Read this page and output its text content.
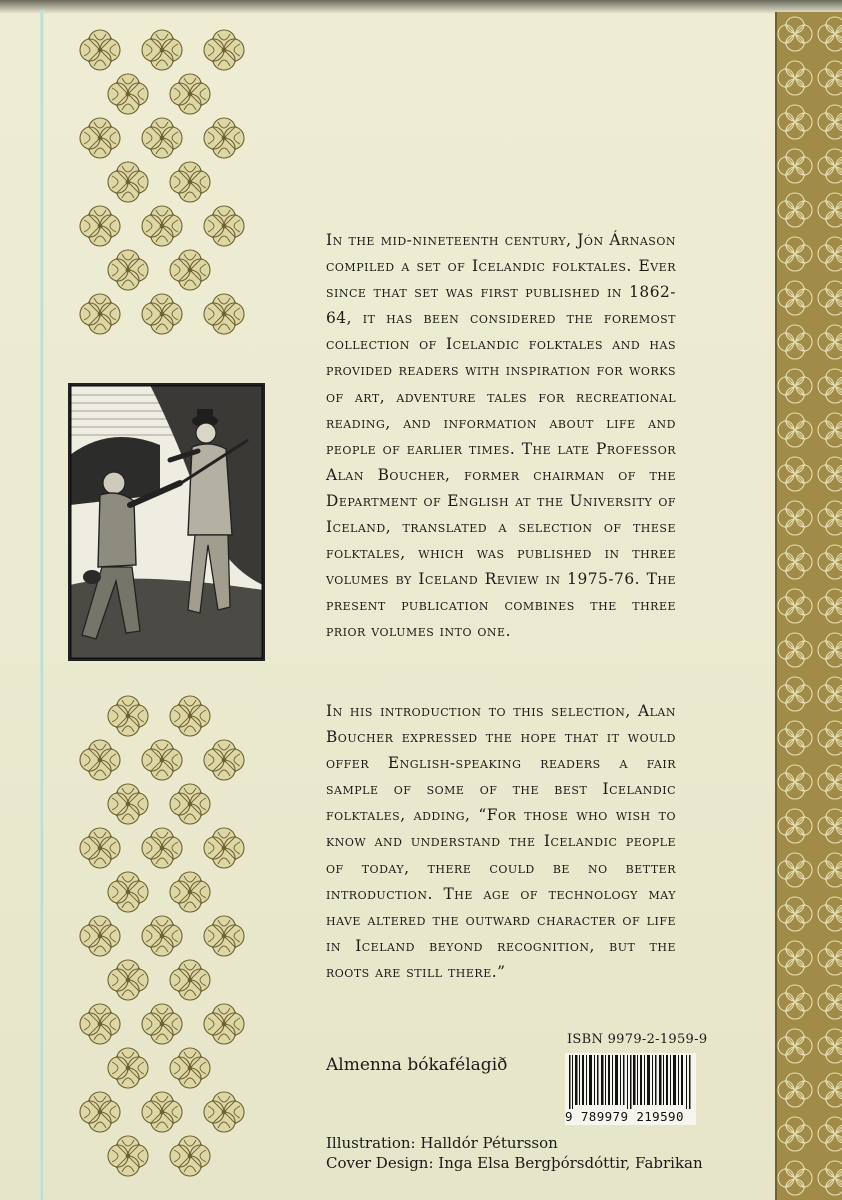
In the mid-nineteenth century, Jón Árnason compiled a set of Icelandic folktales. Ever since that set was first published in 1862-64, it has been considered the foremost collection of Icelandic folktales and has provided readers with inspiration for works of art, adventure tales for recreational reading, and information about life and people of earlier times. The late Professor Alan Boucher, former chairman of the Department of English at the University of Iceland, translated a selection of these folktales, which was published in three volumes by Iceland Review in 1975-76. The present publication combines the three prior volumes into one.

In his introduction to this selection, Alan Boucher expressed the hope that it would offer English-speaking readers a fair sample of some of the best Icelandic folktales, adding, “For those who wish to know and understand the Icelandic people of today, there could be no better introduction. The age of technology may have altered the outward character of life in Iceland beyond recognition, but the roots are still there.”

Almenna bókafélagið
ISBN 9979-2-1959-9
9 789979 219590
Illustration: Halldór Pétursson
Cover Design: Inga Elsa Bergþórsdóttir, Fabrikan
